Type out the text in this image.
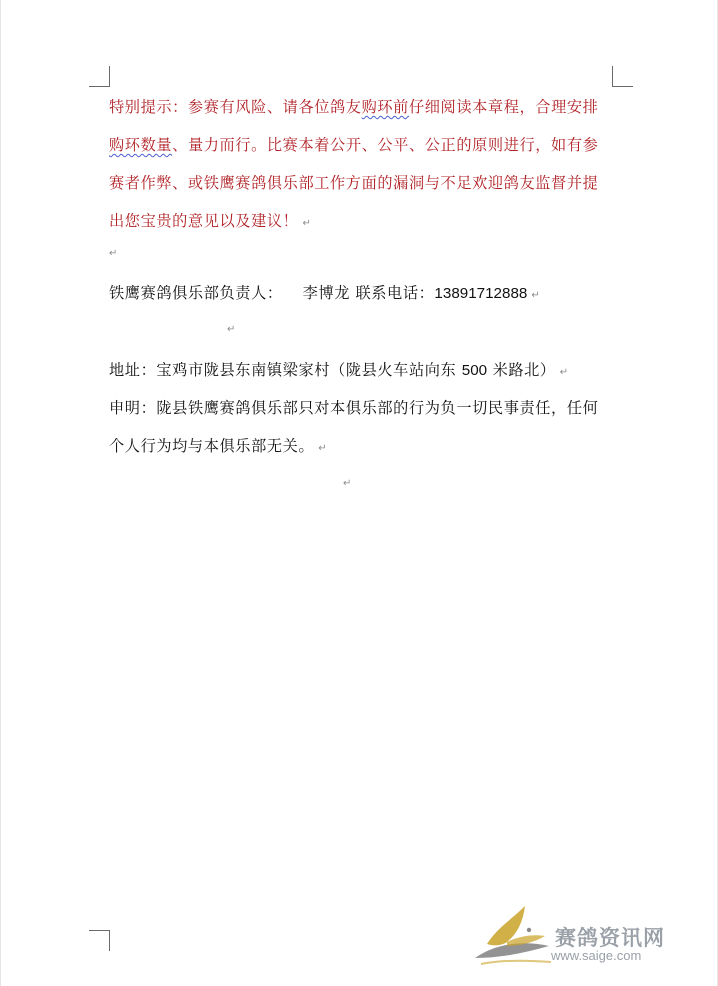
特别提示：参赛有风险、请各位鸽友购环前仔细阅读本章程，合理安排购环数量、量力而行。比赛本着公开、公平、公正的原则进行，如有参赛者作弊、或铁鹰赛鸽俱乐部工作方面的漏洞与不足欢迎鸽友监督并提出您宝贵的意见以及建议！ ↵

↵

铁鹰赛鸽俱乐部负责人： 李博龙 联系电话：13891712888 ↵

↵

地址：宝鸡市陇县东南镇梁家村（陇县火车站向东 500 米路北） ↵

申明：陇县铁鹰赛鸽俱乐部只对本俱乐部的行为负一切民事责任，任何个人行为均与本俱乐部无关。 ↵

↵
赛鸽资讯网
www.saige.com
